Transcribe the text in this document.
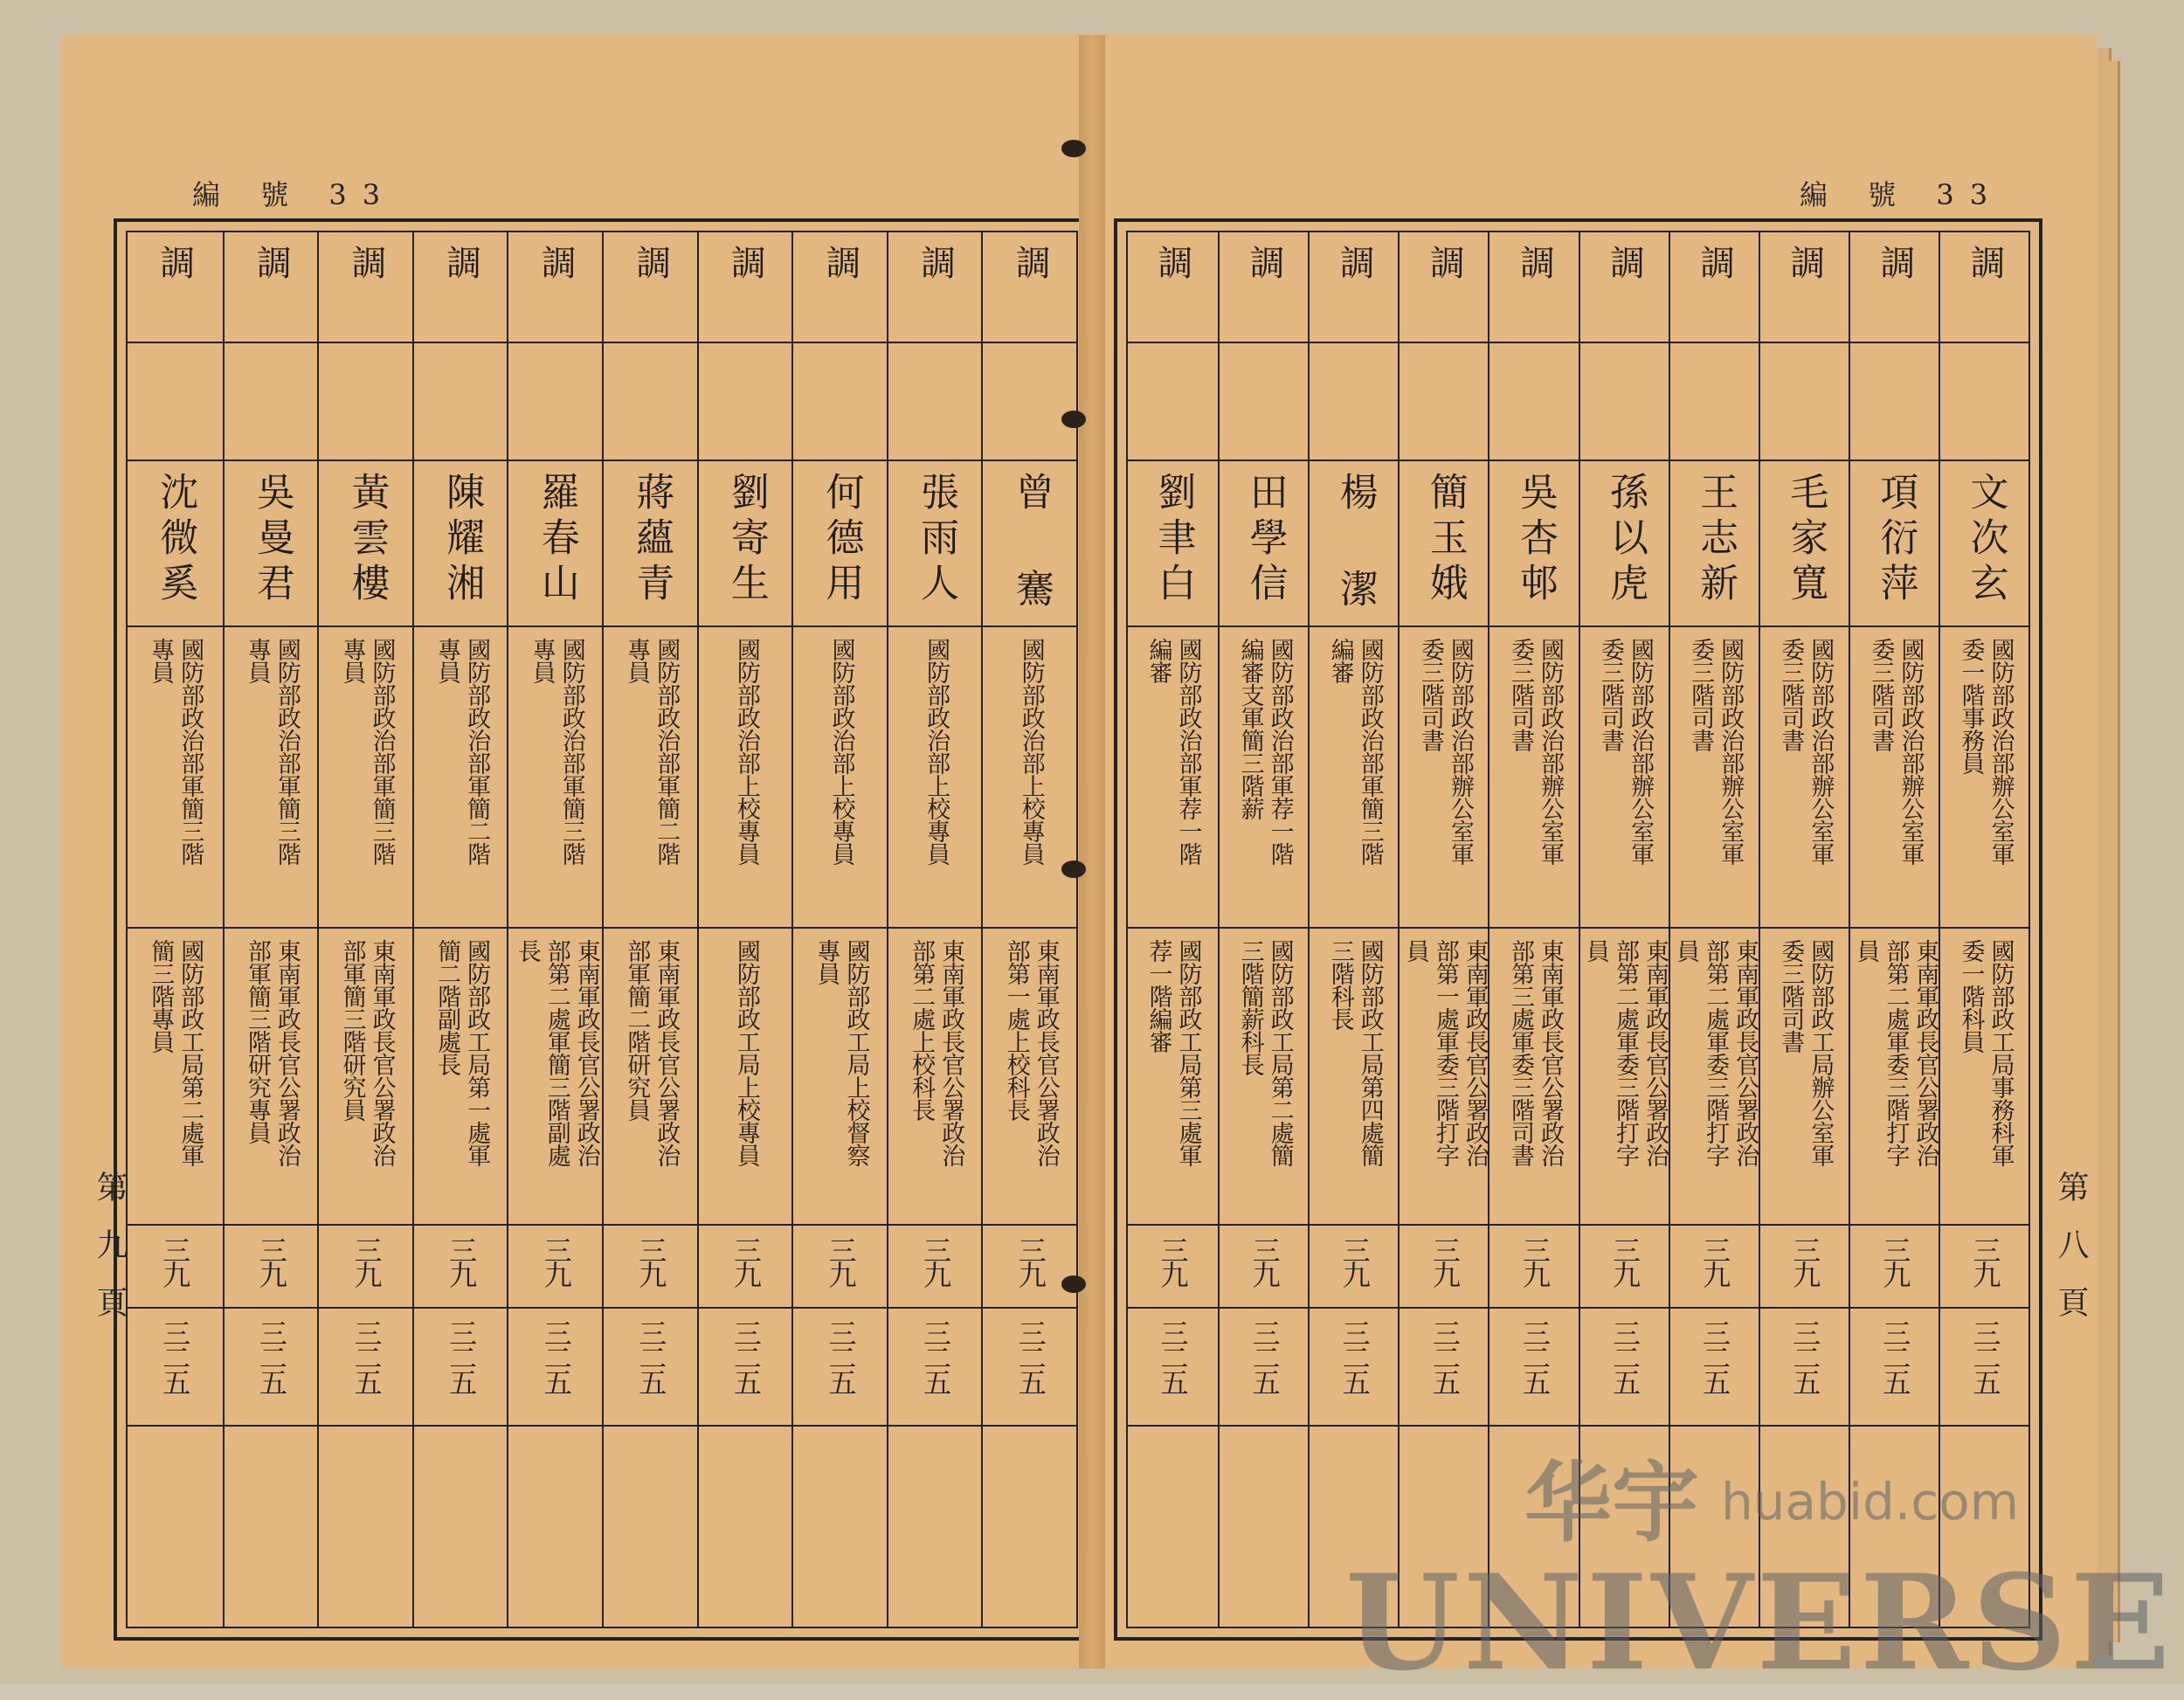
編 號 33
調
曾 騫
國防部政治部上校專員
東南軍政長官公署政治
部第一處上校科長
三九
三二五
調
張雨人
國防部政治部上校專員
東南軍政長官公署政治
部第二處上校科長
三九
三二五
調
何德用
國防部政治部上校專員
國防部政工局上校督察
專員
三九
三二五
調
劉寄生
國防部政治部上校專員
國防部政工局上校專員
三九
三二五
調
蔣蘊青
國防部政治部軍簡二階
專員
東南軍政長官公署政治
部軍簡二階研究員
三九
三二五
調
羅春山
國防部政治部軍簡三階
專員
東南軍政長官公署政治
部第二處軍簡三階副處
長
三九
三二五
調
陳耀湘
國防部政治部軍簡二階
專員
國防部政工局第一處軍
簡二階副處長
三九
三二五
調
黃雲樓
國防部政治部軍簡三階
專員
東南軍政長官公署政治
部軍簡三階研究員
三九
三二五
調
吳曼君
國防部政治部軍簡三階
專員
東南軍政長官公署政治
部軍簡三階研究專員
三九
三二五
調
沈微奚
國防部政治部軍簡三階
專員
國防部政工局第二處軍
簡三階專員
三九
三二五
第九頁
編 號 33
調
文次玄
國防部政治部辦公室軍
委一階事務員
國防部政工局事務科軍
委一階科員
三九
三二五
調
項衍萍
國防部政治部辦公室軍
委三階司書
東南軍政長官公署政治
部第二處軍委三階打字
員
三九
三二五
調
毛家寬
國防部政治部辦公室軍
委三階司書
國防部政工局辦公室軍
委三階司書
三九
三二五
調
王志新
國防部政治部辦公室軍
委三階司書
東南軍政長官公署政治
部第二處軍委三階打字
員
三九
三二五
調
孫以虎
國防部政治部辦公室軍
委三階司書
東南軍政長官公署政治
部第二處軍委三階打字
員
三九
三二五
調
吳杏邨
國防部政治部辦公室軍
委三階司書
東南軍政長官公署政治
部第三處軍委三階司書
三九
三二五
調
簡玉娥
國防部政治部辦公室軍
委三階司書
東南軍政長官公署政治
部第一處軍委三階打字
員
三九
三二五
調
楊 潔
國防部政治部軍簡三階
編審
國防部政工局第四處簡
三階科長
三九
三二五
調
田學信
國防部政治部軍荐一階
編審支軍簡三階薪
國防部政工局第二處簡
三階簡薪科長
三九
三二五
調
劉聿白
國防部政治部軍荐一階
編審
國防部政工局第三處軍
荐一階編審
三九
三二五
第八頁
华宇 huabid.com
UNIVERSE
